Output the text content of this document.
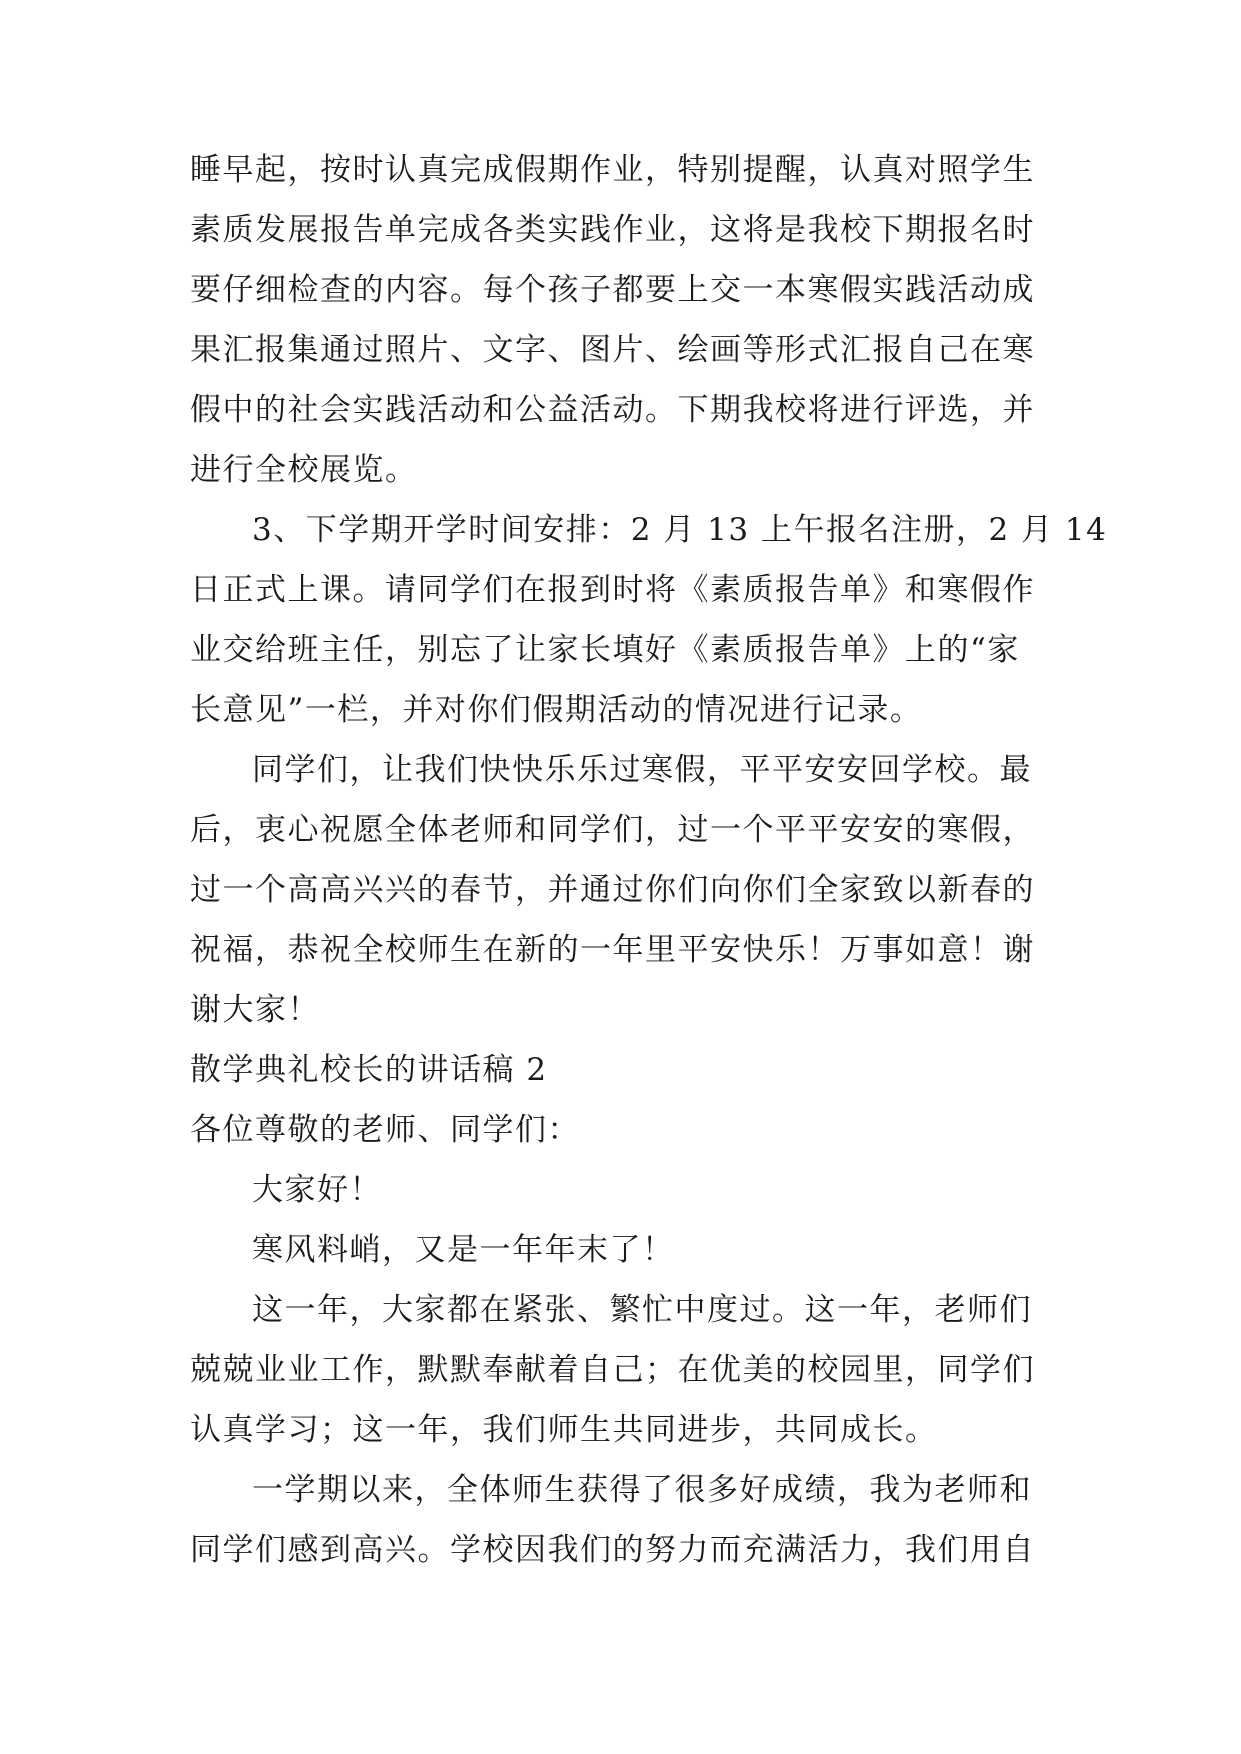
睡早起，按时认真完成假期作业，特别提醒，认真对照学生
素质发展报告单完成各类实践作业，这将是我校下期报名时
要仔细检查的内容。每个孩子都要上交一本寒假实践活动成
果汇报集通过照片、文字、图片、绘画等形式汇报自己在寒
假中的社会实践活动和公益活动。下期我校将进行评选，并
进行全校展览。
3、下学期开学时间安排：2 月 13 上午报名注册，2 月 14
日正式上课。请同学们在报到时将《素质报告单》和寒假作
业交给班主任，别忘了让家长填好《素质报告单》上的“家
长意见”一栏，并对你们假期活动的情况进行记录。
同学们，让我们快快乐乐过寒假，平平安安回学校。最
后，衷心祝愿全体老师和同学们，过一个平平安安的寒假，
过一个高高兴兴的春节，并通过你们向你们全家致以新春的
祝福，恭祝全校师生在新的一年里平安快乐！万事如意！谢
谢大家！
散学典礼校长的讲话稿 2
各位尊敬的老师、同学们：
大家好！
寒风料峭，又是一年年末了！
这一年，大家都在紧张、繁忙中度过。这一年，老师们
兢兢业业工作，默默奉献着自己；在优美的校园里，同学们
认真学习；这一年，我们师生共同进步，共同成长。
一学期以来，全体师生获得了很多好成绩，我为老师和
同学们感到高兴。学校因我们的努力而充满活力，我们用自
